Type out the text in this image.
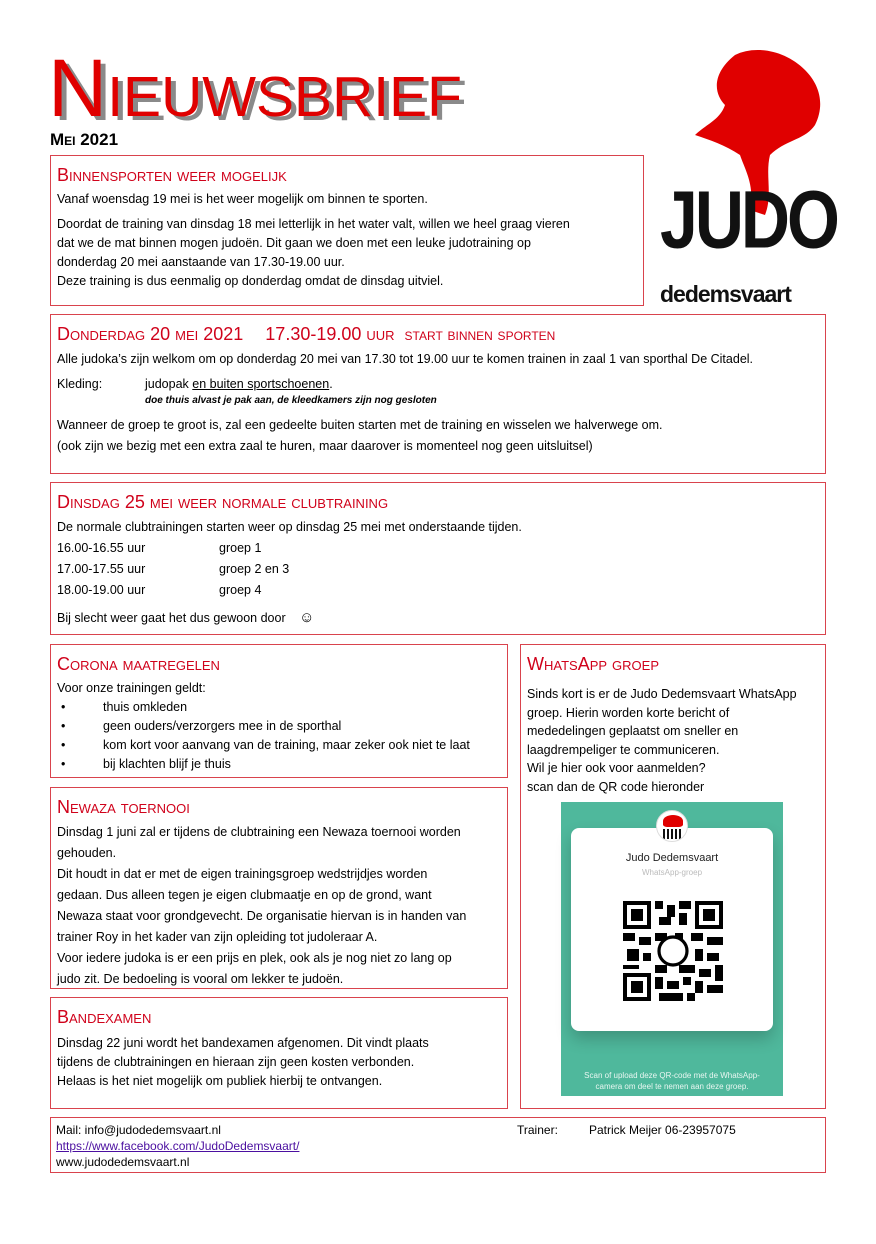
Nieuwsbrief
Mei 2021
JUDO
dedemsvaart
Binnensporten weer mogelijk

Vanaf woensdag 19 mei is het weer mogelijk om binnen te sporten.

Doordat de training van dinsdag 18 mei letterlijk in het water valt, willen we heel graag vieren
dat we de mat binnen mogen judoën. Dit gaan we doen met een leuke judotraining op
donderdag 20 mei aanstaande van 17.30-19.00 uur.
Deze training is dus eenmalig op donderdag omdat de dinsdag uitviel.
Donderdag 20 mei 2021 17.30-19.00 uur start binnen sporten

Alle judoka’s zijn welkom om op donderdag 20 mei van 17.30 tot 19.00 uur te komen trainen in zaal 1 van sporthal De Citadel.

Kleding:	judopak en buiten sportschoenen.
doe thuis alvast je pak aan, de kleedkamers zijn nog gesloten
Wanneer de groep te groot is, zal een gedeelte buiten starten met de training en wisselen we halverwege om.
(ook zijn we bezig met een extra zaal te huren, maar daarover is momenteel nog geen uitsluitsel)
Dinsdag 25 mei weer normale clubtraining
De normale clubtrainingen starten weer op dinsdag 25 mei met onderstaande tijden.
16.00-16.55 uur	groep 1
17.00-17.55 uur	groep 2 en 3
18.00-19.00 uur	groep 4
Bij slecht weer gaat het dus gewoon door ☺
Corona maatregelen
Voor onze trainingen geldt:
• thuis omkleden
• geen ouders/verzorgers mee in de sporthal
• kom kort voor aanvang van de training, maar zeker ook niet te laat
• bij klachten blijf je thuis
Newaza toernooi
Dinsdag 1 juni zal er tijdens de clubtraining een Newaza toernooi worden
gehouden.
Dit houdt in dat er met de eigen trainingsgroep wedstrijdjes worden
gedaan. Dus alleen tegen je eigen clubmaatje en op de grond, want
Newaza staat voor grondgevecht. De organisatie hiervan is in handen van
trainer Roy in het kader van zijn opleiding tot judoleraar A.
Voor iedere judoka is er een prijs en plek, ook als je nog niet zo lang op
judo zit. De bedoeling is vooral om lekker te judoën.
Bandexamen
Dinsdag 22 juni wordt het bandexamen afgenomen. Dit vindt plaats
tijdens de clubtrainingen en hieraan zijn geen kosten verbonden.
Helaas is het niet mogelijk om publiek hierbij te ontvangen.
WhatsApp groep
Sinds kort is er de Judo Dedemsvaart WhatsApp
groep. Hierin worden korte bericht of
mededelingen geplaatst om sneller en
laagdrempeliger te communiceren.
Wil je hier ook voor aanmelden?
scan dan de QR code hieronder
Judo Dedemsvaart
WhatsApp-groep
Scan of upload deze QR-code met de WhatsApp-
camera om deel te nemen aan deze groep.
Mail: info@judodedemsvaart.nl
https://www.facebook.com/JudoDedemsvaart/
www.judodedemsvaart.nl
Trainer:	Patrick Meijer 06-23957075
